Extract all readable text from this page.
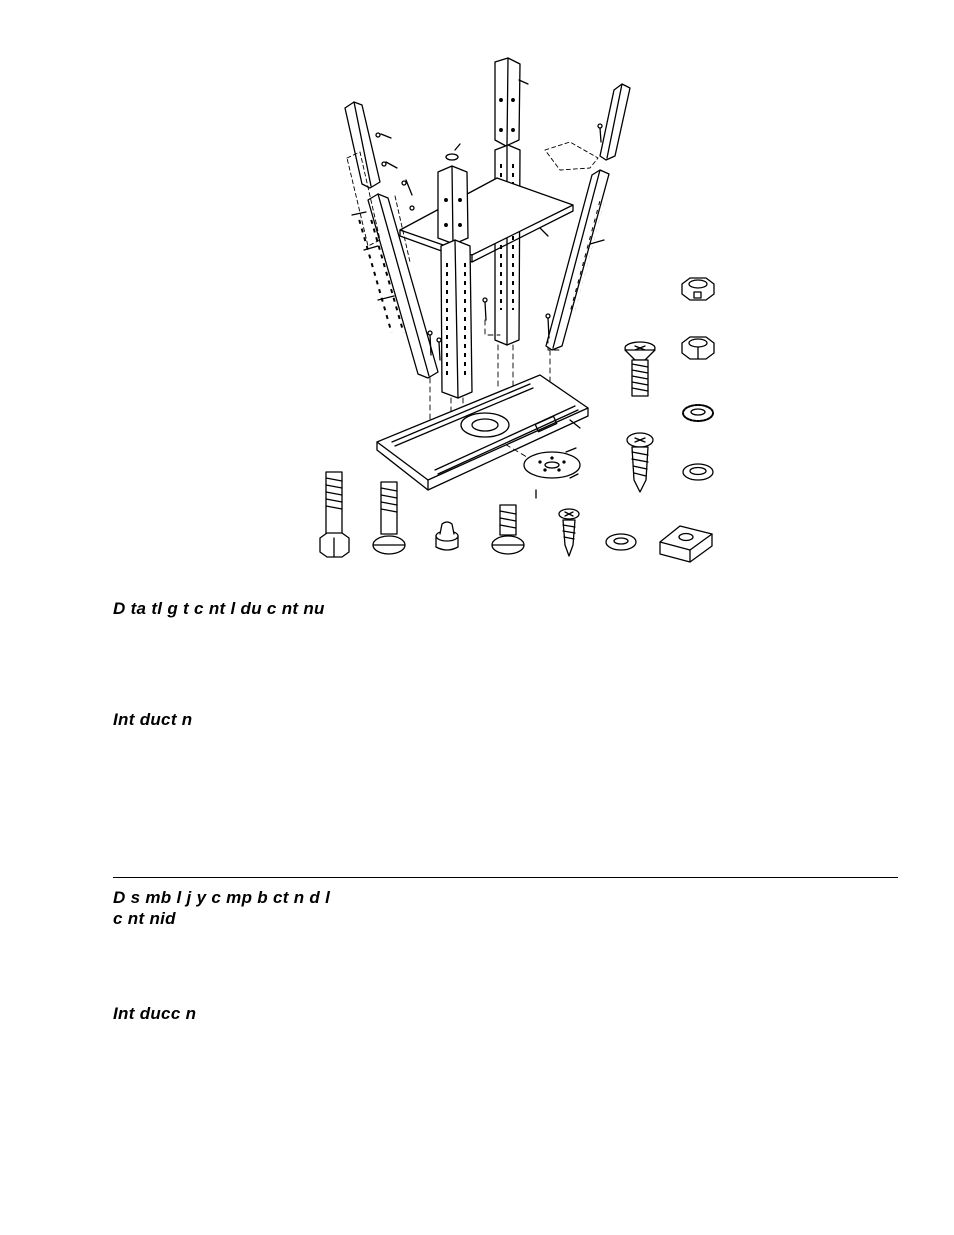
D ta tl g t c nt l du c nt nu
Int duct n
D s mb l j y c mp b ct n d l
c nt nid
Int ducc n
